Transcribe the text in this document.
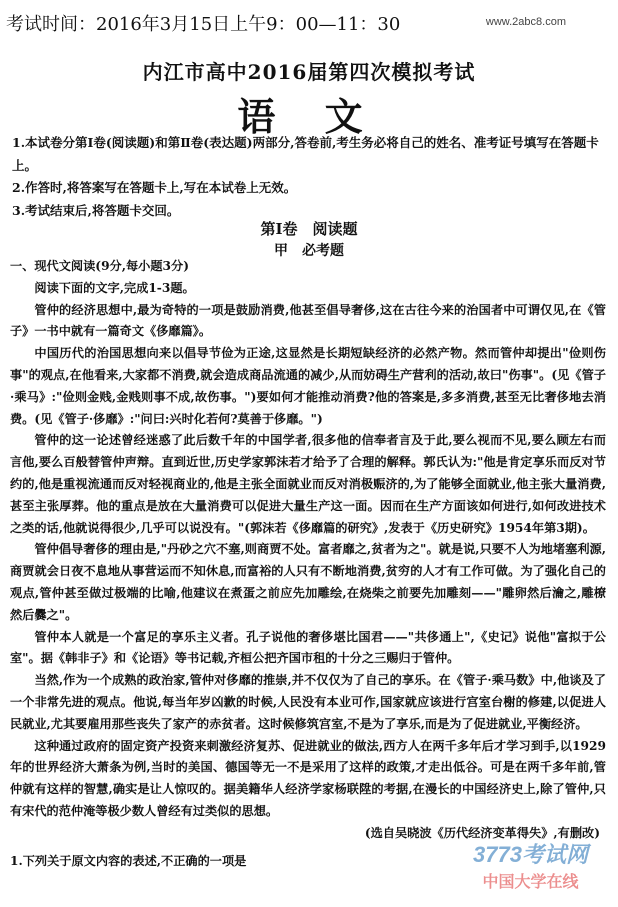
考试时间：2016年3月15日上午9：00—11：30	www.2abc8.com
内江市高中2016届第四次模拟考试
语 文
1.本试卷分第Ⅰ卷(阅读题)和第Ⅱ卷(表达题)两部分,答卷前,考生务必将自己的姓名、准考证号填写在答题卡上。
2.作答时,将答案写在答题卡上,写在本试卷上无效。
3.考试结束后,将答题卡交回。
第Ⅰ卷　阅读题
甲　必考题

一、现代文阅读(9分,每小题3分)

阅读下面的文字,完成1-3题。

管仲的经济思想中,最为奇特的一项是鼓励消费,他甚至倡导奢侈,这在古往今来的治国者中可谓仅见,在《管子》一书中就有一篇奇文《侈靡篇》。

中国历代的治国思想向来以倡导节俭为正途,这显然是长期短缺经济的必然产物。然而管仲却提出"俭则伤事"的观点,在他看来,大家都不消费,就会造成商品流通的减少,从而妨碍生产营利的活动,故曰"伤事"。(见《管子·乘马》:"俭则金贱,金贱则事不成,故伤事。")要如何才能推动消费?他的答案是,多多消费,甚至无比奢侈地去消费。(见《管子·侈靡》:"问曰:兴时化若何?莫善于侈靡。")

管仲的这一论述曾经迷惑了此后数千年的中国学者,很多他的信奉者言及于此,要么视而不见,要么顾左右而言他,要么百般替管仲声辩。直到近世,历史学家郭沫若才给予了合理的解释。郭氏认为:"他是肯定享乐而反对节约的,他是重视流通而反对轻视商业的,他是主张全面就业而反对消极赈济的,为了能够全面就业,他主张大量消费,甚至主张厚葬。他的重点是放在大量消费可以促进大量生产这一面。因而在生产方面该如何进行,如何改进技术之类的话,他就说得很少,几乎可以说没有。"(郭沫若《侈靡篇的研究》,发表于《历史研究》1954年第3期)。

管仲倡导奢侈的理由是,"丹砂之穴不塞,则商贾不处。富者靡之,贫者为之"。就是说,只要不人为地堵塞利源,商贾就会日夜不息地从事营运而不知休息,而富裕的人只有不断地消费,贫穷的人才有工作可做。为了强化自己的观点,管仲甚至做过极端的比喻,他建议在煮蛋之前应先加雕绘,在烧柴之前要先加雕刻——"雕卵然后瀹之,雕橑然后爨之"。

管仲本人就是一个富足的享乐主义者。孔子说他的奢侈堪比国君——"共侈通上",《史记》说他"富拟于公室"。据《韩非子》和《论语》等书记载,齐桓公把齐国市租的十分之三赐归于管仲。

当然,作为一个成熟的政治家,管仲对侈靡的推崇,并不仅仅为了自己的享乐。在《管子·乘马数》中,他谈及了一个非常先进的观点。他说,每当年岁凶歉的时候,人民没有本业可作,国家就应该进行宫室台榭的修建,以促进人民就业,尤其要雇用那些丧失了家产的赤贫者。这时候修筑宫室,不是为了享乐,而是为了促进就业,平衡经济。

这种通过政府的固定资产投资来刺激经济复苏、促进就业的做法,西方人在两千多年后才学习到手,以1929年的世界经济大萧条为例,当时的美国、德国等无一不是采用了这样的政策,才走出低谷。可是在两千多年前,管仲就有这样的智慧,确实是让人惊叹的。据美籍华人经济学家杨联陞的考据,在漫长的中国经济史上,除了管仲,只有宋代的范仲淹等极少数人曾经有过类似的思想。

(选自吴晓波《历代经济变革得失》,有删改)

1.下列关于原文内容的表述,不正确的一项是	3773考试网
中国大学在线
